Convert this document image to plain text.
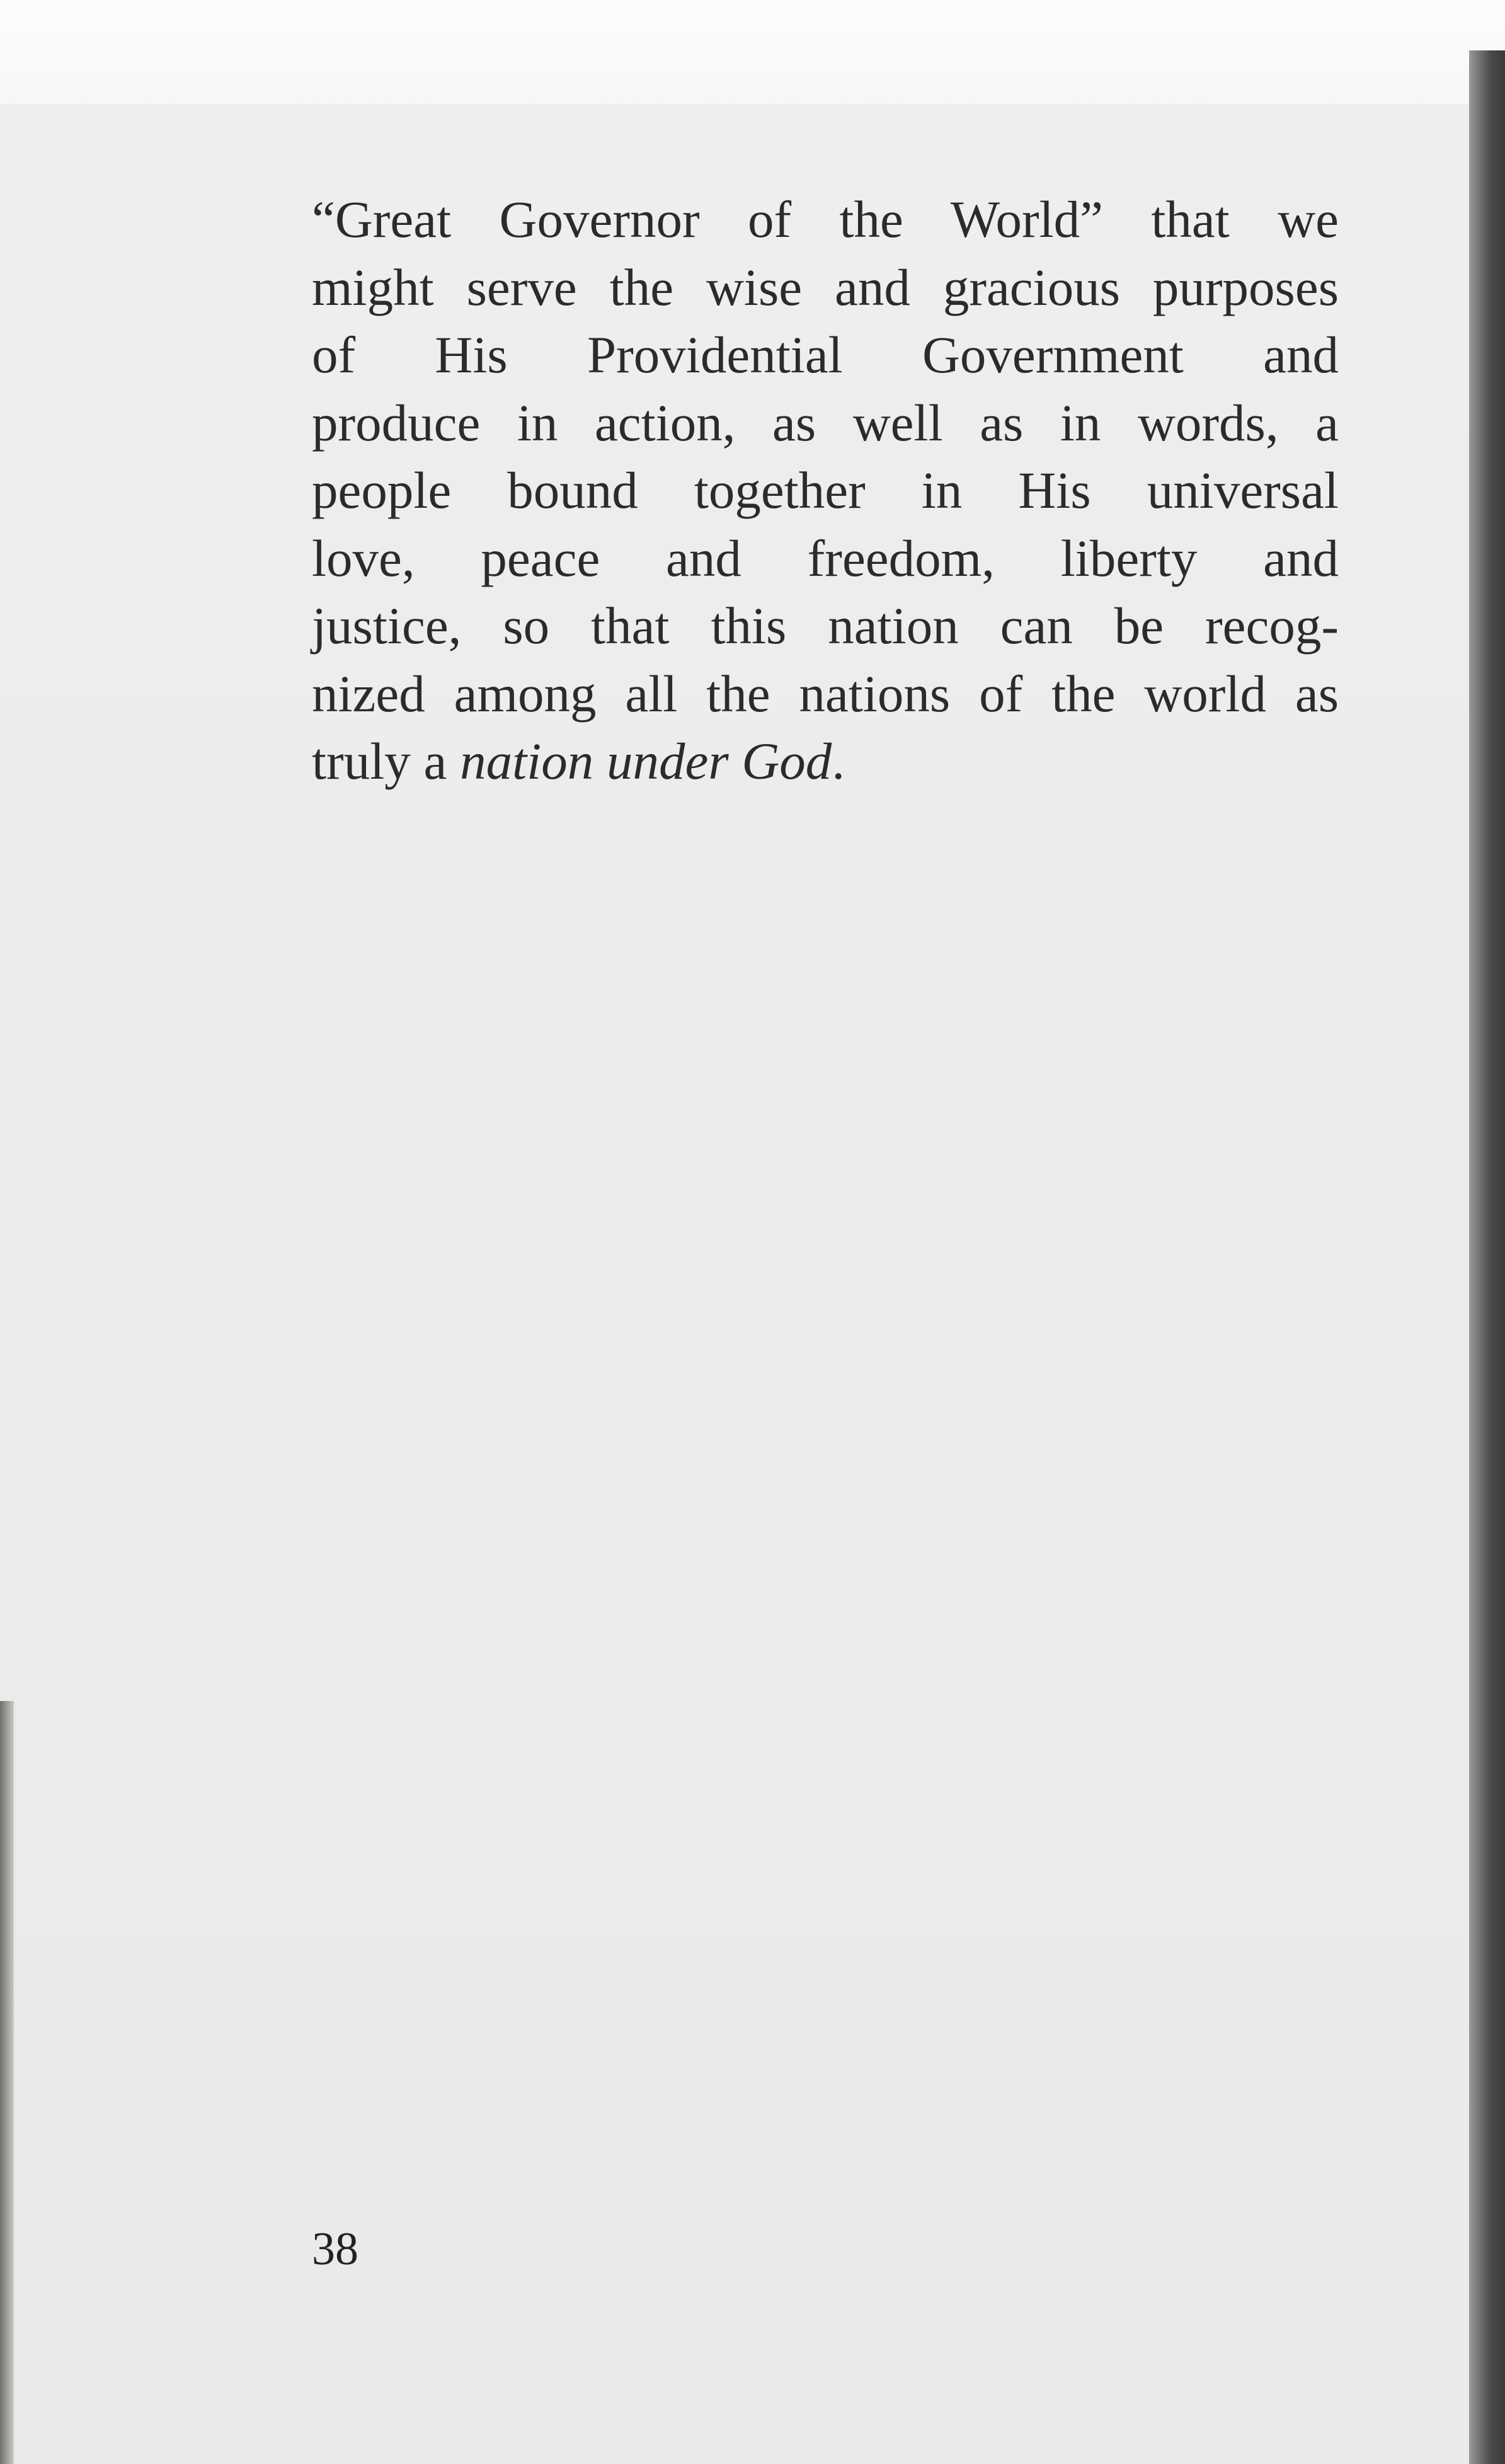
“Great Governor of the World” that we
might serve the wise and gracious purposes
of His Providential Government and
produce in action, as well as in words, a
people bound together in His universal
love, peace and freedom, liberty and
justice, so that this nation can be recog-
nized among all the nations of the world as
truly a nation under God.

38
